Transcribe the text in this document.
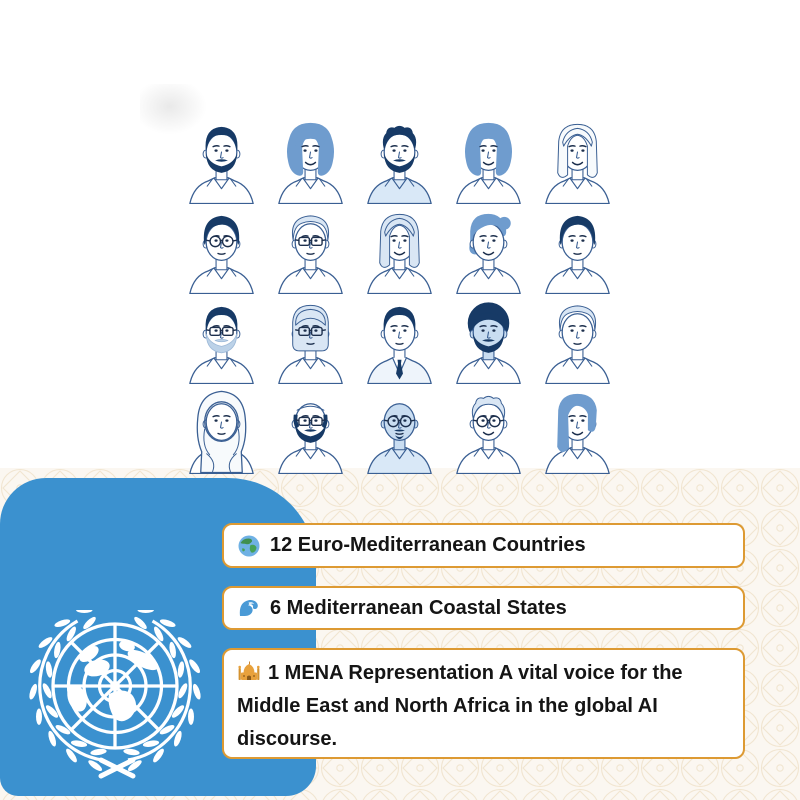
12 Euro-Mediterranean Countries
6 Mediterranean Coastal States
1 MENA Representation A vital voice for the Middle East and North Africa in the global AI discourse.
